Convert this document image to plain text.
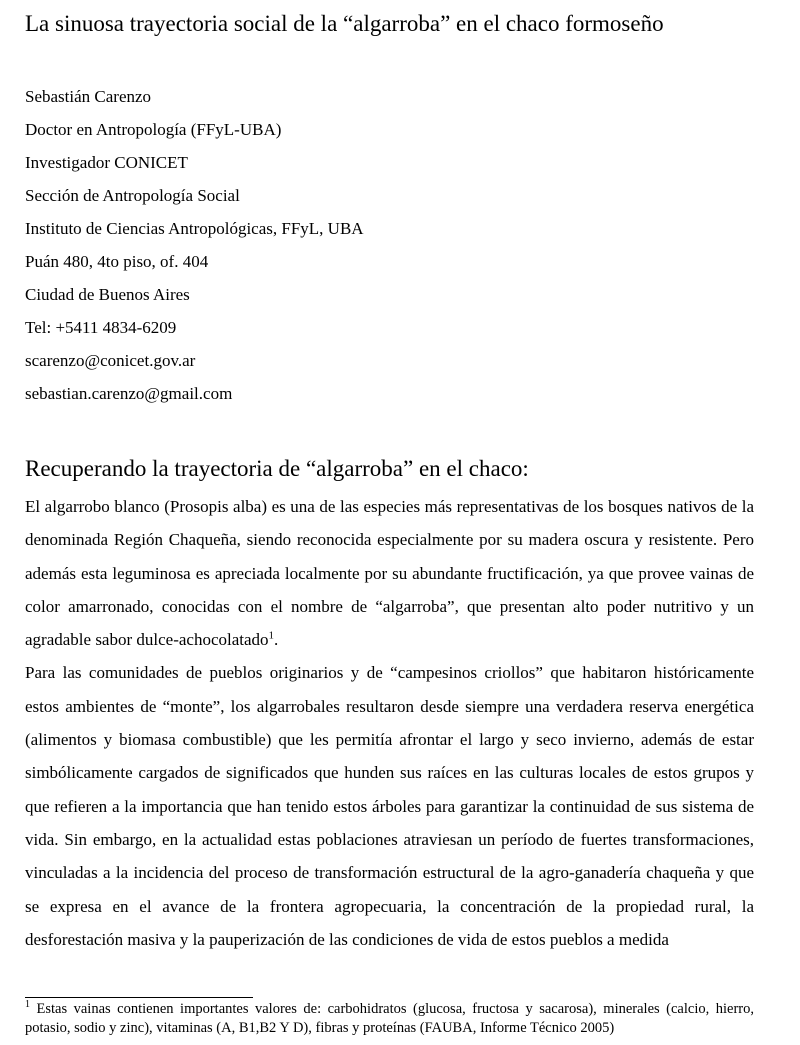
La sinuosa trayectoria social de la “algarroba” en el chaco formoseño
Sebastián Carenzo
Doctor en Antropología (FFyL-UBA)
Investigador CONICET
Sección de Antropología Social
Instituto de Ciencias Antropológicas, FFyL, UBA
Puán 480, 4to piso, of. 404
Ciudad de Buenos Aires
Tel: +5411 4834-6209
scarenzo@conicet.gov.ar
sebastian.carenzo@gmail.com
Recuperando la trayectoria de “algarroba” en el chaco:

El algarrobo blanco (Prosopis alba) es una de las especies más representativas de los bosques nativos de la denominada Región Chaqueña, siendo reconocida especialmente por su madera oscura y resistente. Pero además esta leguminosa es apreciada localmente por su abundante fructificación, ya que provee vainas de color amarronado, conocidas con el nombre de “algarroba”, que presentan alto poder nutritivo y un agradable sabor dulce-achocolatado$^1$.

Para las comunidades de pueblos originarios y de “campesinos criollos” que habitaron históricamente estos ambientes de “monte”, los algarrobales resultaron desde siempre una verdadera reserva energética (alimentos y biomasa combustible) que les permitía afrontar el largo y seco invierno, además de estar simbólicamente cargados de significados que hunden sus raíces en las culturas locales de estos grupos y que refieren a la importancia que han tenido estos árboles para garantizar la continuidad de sus sistema de vida. Sin embargo, en la actualidad estas poblaciones atraviesan un período de fuertes transformaciones, vinculadas a la incidencia del proceso de transformación estructural de la agro-ganadería chaqueña y que se expresa en el avance de la frontera agropecuaria, la concentración de la propiedad rural, la desforestación masiva y la pauperización de las condiciones de vida de estos pueblos a medida

$^1$ Estas vainas contienen importantes valores de: carbohidratos (glucosa, fructosa y sacarosa), minerales (calcio, hierro, potasio, sodio y zinc), vitaminas (A, B1,B2 Y D), fibras y proteínas (FAUBA, Informe Técnico 2005)
